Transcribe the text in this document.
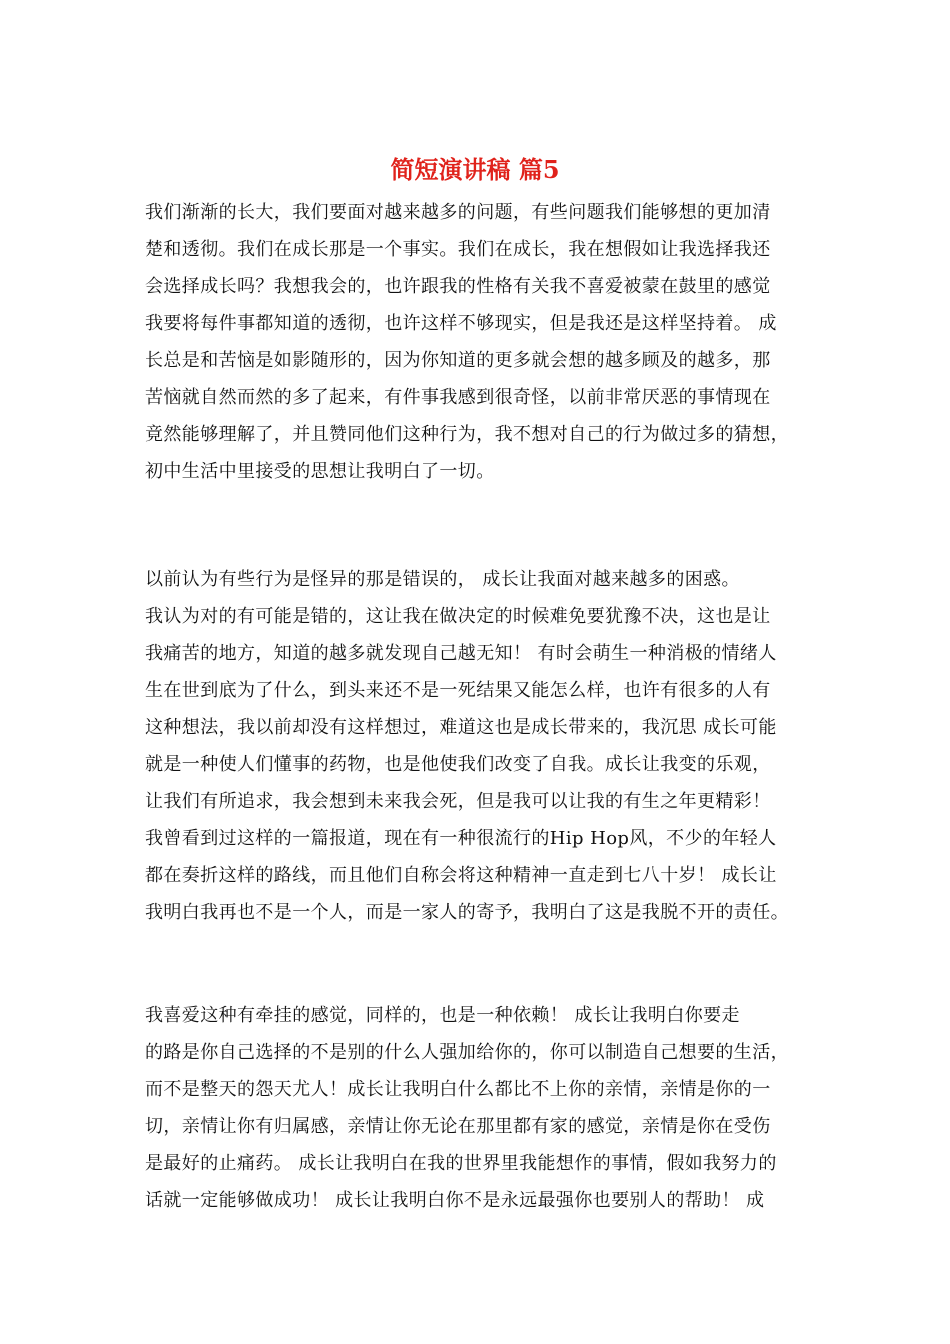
简短演讲稿 篇5

我们渐渐的长大，我们要面对越来越多的问题，有些问题我们能够想的更加清
楚和透彻。我们在成长那是一个事实。我们在成长，我在想假如让我选择我还
会选择成长吗？我想我会的，也许跟我的性格有关我不喜爱被蒙在鼓里的感觉
我要将每件事都知道的透彻，也许这样不够现实，但是我还是这样坚持着。 成
长总是和苦恼是如影随形的，因为你知道的更多就会想的越多顾及的越多，那
苦恼就自然而然的多了起来，有件事我感到很奇怪，以前非常厌恶的事情现在
竟然能够理解了，并且赞同他们这种行为，我不想对自己的行为做过多的猜想，
初中生活中里接受的思想让我明白了一切。

以前认为有些行为是怪异的那是错误的， 成长让我面对越来越多的困惑。
我认为对的有可能是错的，这让我在做决定的时候难免要犹豫不决，这也是让
我痛苦的地方，知道的越多就发现自己越无知！ 有时会萌生一种消极的情绪人
生在世到底为了什么，到头来还不是一死结果又能怎么样，也许有很多的人有
这种想法，我以前却没有这样想过，难道这也是成长带来的，我沉思 成长可能
就是一种使人们懂事的药物，也是他使我们改变了自我。成长让我变的乐观，
让我们有所追求，我会想到未来我会死，但是我可以让我的有生之年更精彩！
我曾看到过这样的一篇报道，现在有一种很流行的Hip Hop风，不少的年轻人
都在奏折这样的路线，而且他们自称会将这种精神一直走到七八十岁！ 成长让
我明白我再也不是一个人，而是一家人的寄予，我明白了这是我脱不开的责任。

我喜爱这种有牵挂的感觉，同样的，也是一种依赖！ 成长让我明白你要走
的路是你自己选择的不是别的什么人强加给你的，你可以制造自己想要的生活，
而不是整天的怨天尤人！成长让我明白什么都比不上你的亲情，亲情是你的一
切，亲情让你有归属感，亲情让你无论在那里都有家的感觉，亲情是你在受伤
是最好的止痛药。 成长让我明白在我的世界里我能想作的事情，假如我努力的
话就一定能够做成功！ 成长让我明白你不是永远最强你也要别人的帮助！ 成
